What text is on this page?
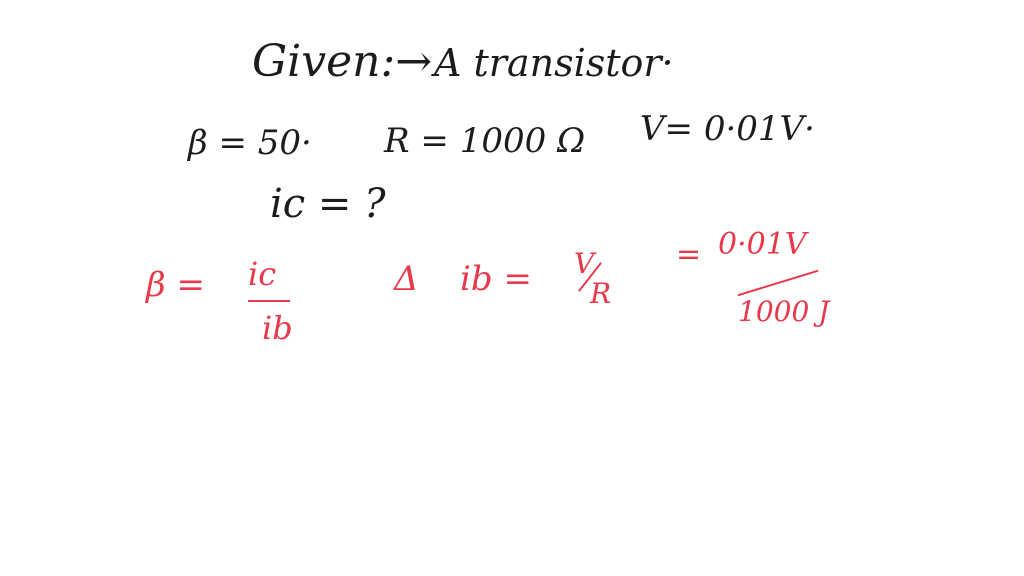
Given:→ A transistor·
β = 50· R = 1000 Ω V= 0·01V·
ic = ?
β = ic
ib
Δ ib = V
R
= 0·01V
1000 J
